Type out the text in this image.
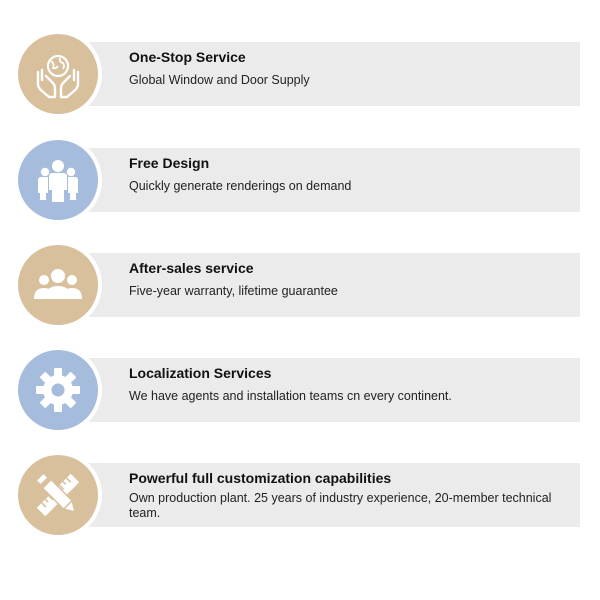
One-Stop Service
Global Window and Door Supply
Free Design
Quickly generate renderings on demand
After-sales service
Five-year warranty, lifetime guarantee
Localization Services
We have agents and installation teams cn every continent.
Powerful full customization capabilities
Own production plant. 25 years of industry experience, 20-member technical team.
